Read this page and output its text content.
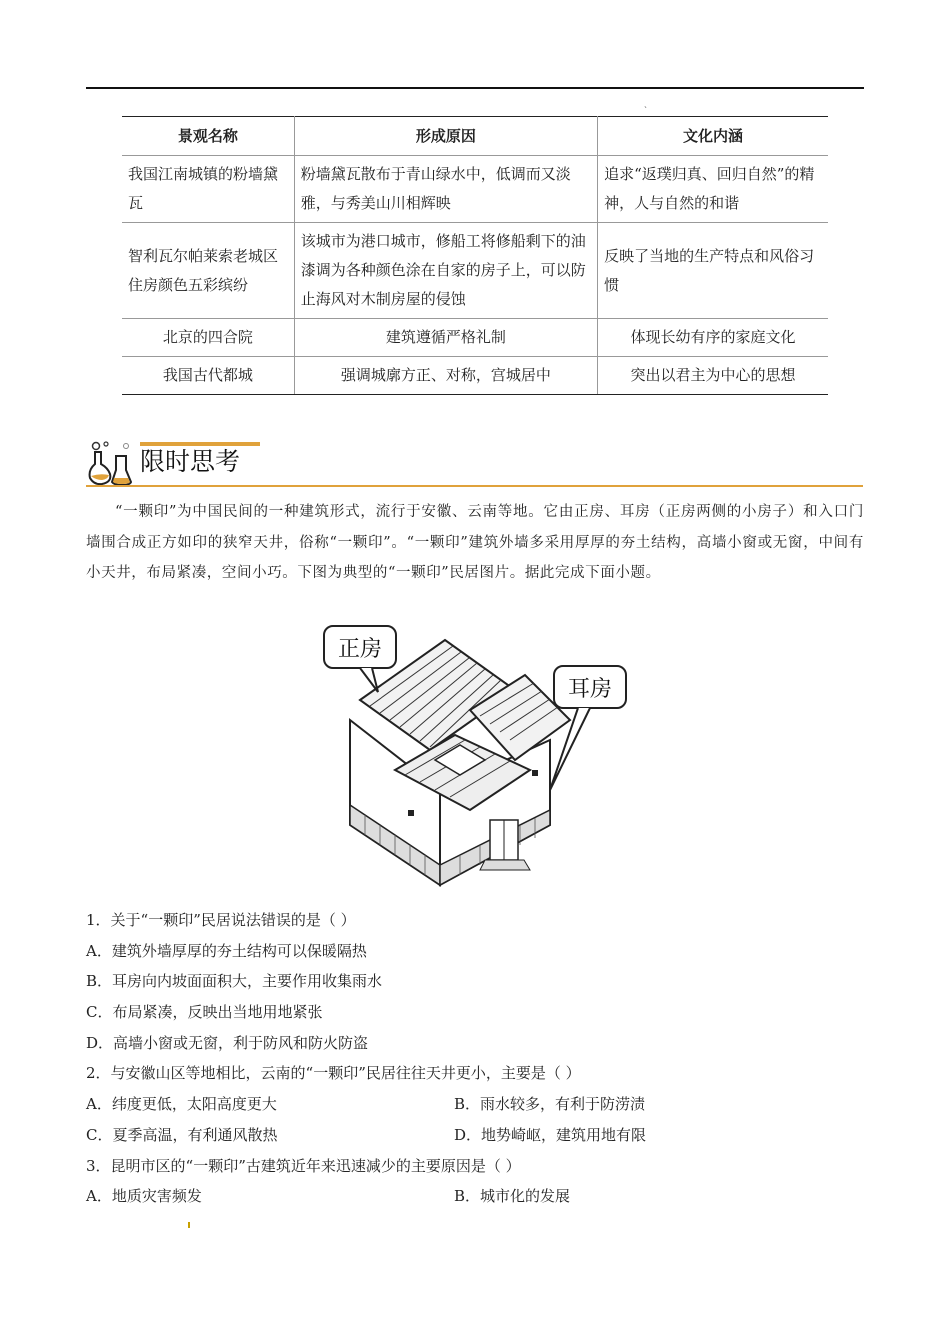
ˎ
景观名称	形成原因	文化内涵
我国江南城镇的粉墙黛瓦	粉墙黛瓦散布于青山绿水中，低调而又淡雅，与秀美山川相辉映	追求“返璞归真、回归自然”的精神，人与自然的和谐
智利瓦尔帕莱索老城区住房颜色五彩缤纷	该城市为港口城市，修船工将修船剩下的油漆调为各种颜色涂在自家的房子上，可以防止海风对木制房屋的侵蚀	反映了当地的生产特点和风俗习惯
北京的四合院	建筑遵循严格礼制	体现长幼有序的家庭文化
我国古代都城	强调城廓方正、对称，宫城居中	突出以君主为中心的思想
限时思考

“一颗印”为中国民间的一种建筑形式，流行于安徽、云南等地。它由正房、耳房（正房两侧的小房子）和入口门墙围合成正方如印的狭窄天井，俗称“一颗印”。“一颗印”建筑外墙多采用厚厚的夯土结构，高墙小窗或无窗，中间有小天井，布局紧凑，空间小巧。下图为典型的“一颗印”民居图片。据此完成下面小题。

正房
耳房
1．关于“一颗印”民居说法错误的是（ ）
A．建筑外墙厚厚的夯土结构可以保暖隔热
B．耳房向内坡面面积大，主要作用收集雨水
C．布局紧凑，反映出当地用地紧张
D．高墙小窗或无窗，利于防风和防火防盗
2．与安徽山区等地相比，云南的“一颗印”民居往往天井更小，主要是（ ）
A．纬度更低，太阳高度更大	B．雨水较多，有利于防涝渍
C．夏季高温，有利通风散热	D．地势崎岖，建筑用地有限
3．昆明市区的“一颗印”古建筑近年来迅速减少的主要原因是（ ）
A．地质灾害频发	B．城市化的发展
